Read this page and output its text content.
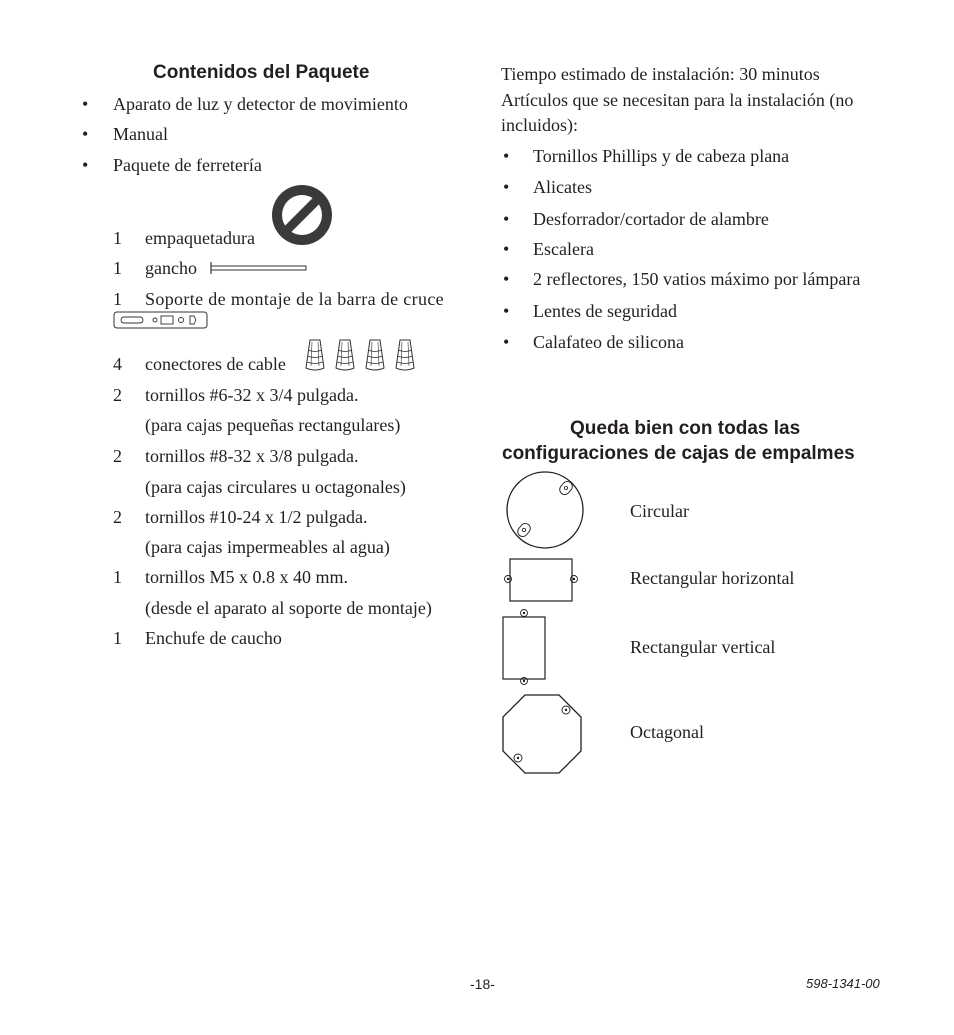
Contenidos del Paquete
• Aparato de luz y detector de movimiento
• Manual
• Paquete de ferretería
1 empaquetadura
1 gancho
1 Soporte de montaje de la barra de cruce
4 conectores de cable
2 tornillos #6-32 x 3/4 pulgada.
(para cajas pequeñas rectangulares)
2 tornillos #8-32 x 3/8 pulgada.
(para cajas circulares u octagonales)
2 tornillos #10-24 x 1/2 pulgada.
(para cajas impermeables al agua)
1 tornillos M5 x 0.8 x 40 mm.
(desde el aparato al soporte de montaje)
1 Enchufe de caucho
Tiempo estimado de instalación: 30 minutos
Artículos que se necesitan para la instalación (no
incluidos):
• Tornillos Phillips y de cabeza plana
• Alicates
• Desforrador/cortador de alambre
• Escalera
• 2 reflectores, 150 vatios máximo por lámpara
• Lentes de seguridad
• Calafateo de silicona
Queda bien con todas las
configuraciones de cajas de empalmes
Circular
Rectangular horizontal
Rectangular vertical
Octagonal
-18-	598-1341-00
